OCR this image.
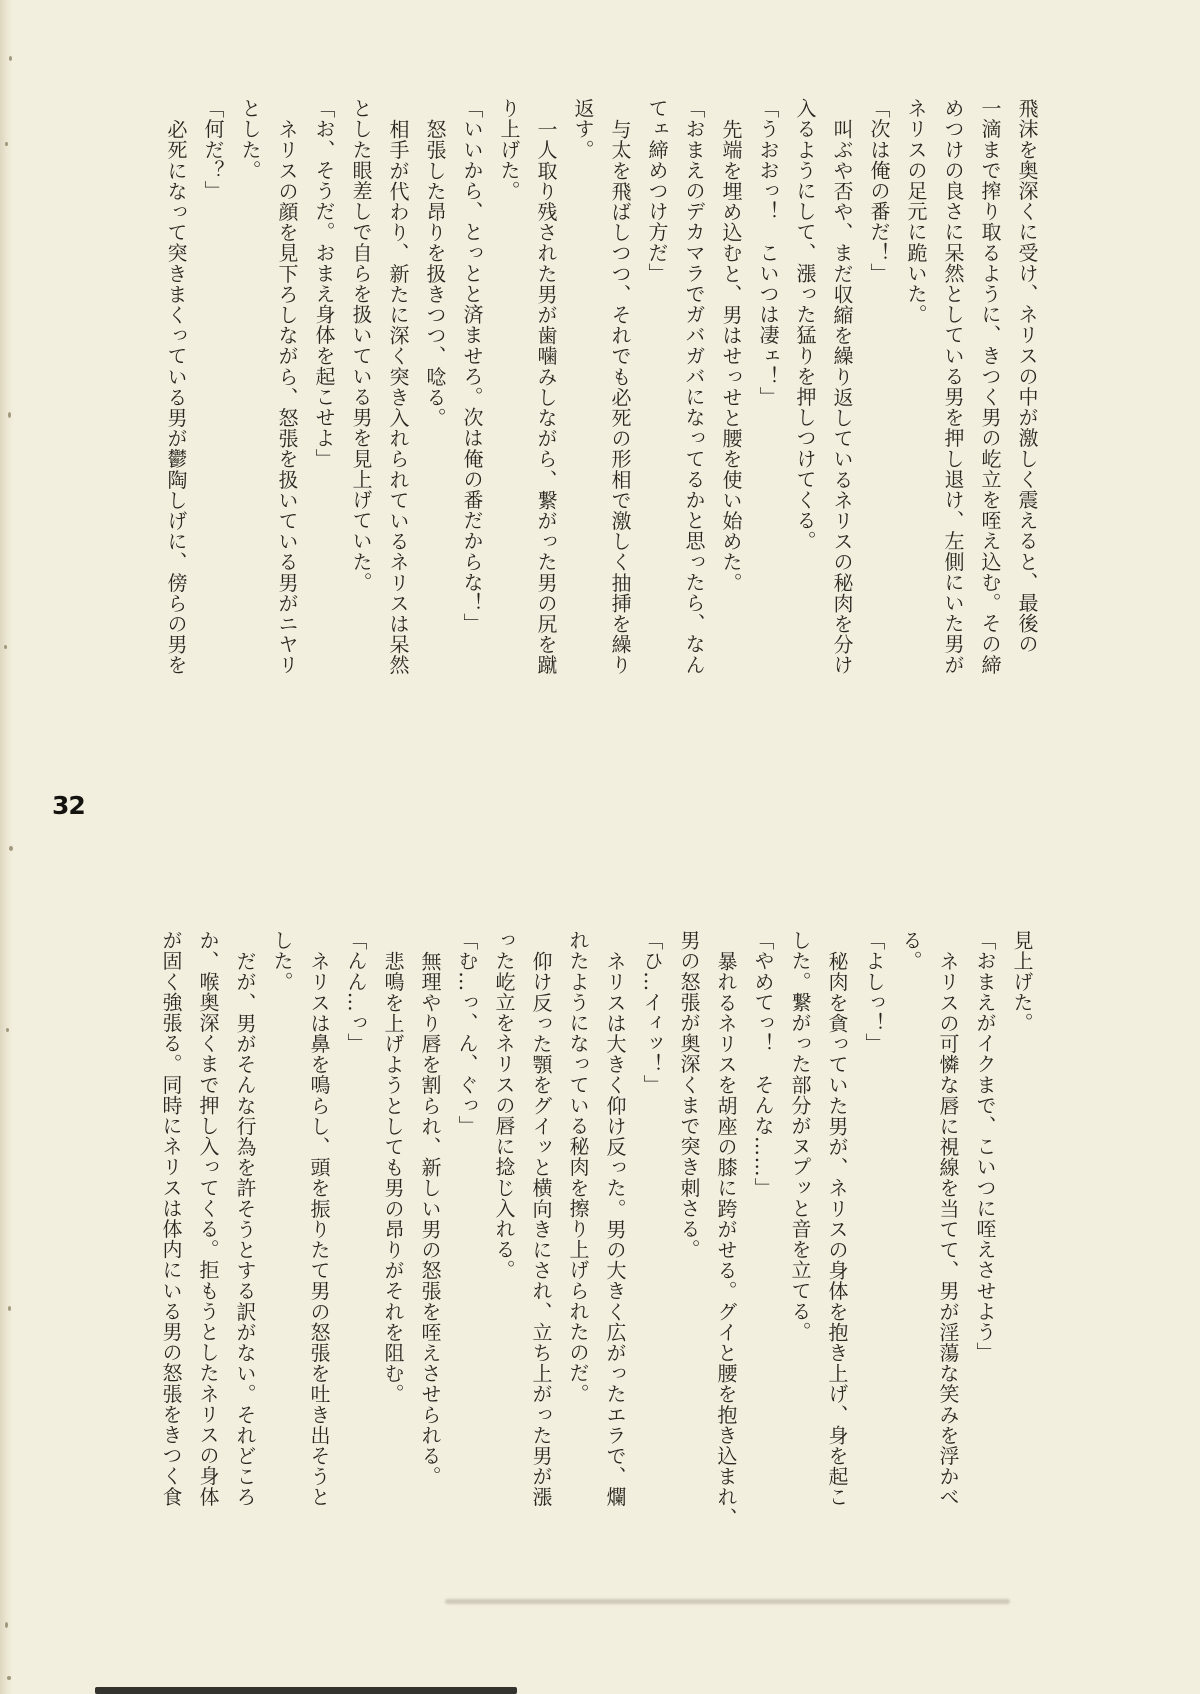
飛沫を奥深くに受け、ネリスの中が激しく震えると、最後の
一滴まで搾り取るように、きつく男の屹立を咥え込む。その締
めつけの良さに呆然としている男を押し退け、左側にいた男が
ネリスの足元に跪いた。
「次は俺の番だ！」
叫ぶや否や、まだ収縮を繰り返しているネリスの秘肉を分け
入るようにして、漲った猛りを押しつけてくる。
「うおおっ！　こいつは凄ェ！」
先端を埋め込むと、男はせっせと腰を使い始めた。
「おまえのデカマラでガバガバになってるかと思ったら、なん
てェ締めつけ方だ」
与太を飛ばしつつ、それでも必死の形相で激しく抽挿を繰り
返す。
一人取り残された男が歯噛みしながら、繋がった男の尻を蹴
り上げた。
「いいから、とっとと済ませろ。次は俺の番だからな！」
怒張した昂りを扱きつつ、唸る。
相手が代わり、新たに深く突き入れられているネリスは呆然
とした眼差しで自らを扱いている男を見上げていた。
「お、そうだ。おまえ身体を起こせよ」
ネリスの顔を見下ろしながら、怒張を扱いている男がニヤリ
とした。
「何だ？」
必死になって突きまくっている男が鬱陶しげに、傍らの男を
32
見上げた。
「おまえがイクまで、こいつに咥えさせよう」
ネリスの可憐な唇に視線を当てて、男が淫蕩な笑みを浮かべ
る。
「よしっ！」
秘肉を貪っていた男が、ネリスの身体を抱き上げ、身を起こ
した。繋がった部分がヌプッと音を立てる。
「やめてっ！　そんな……」
暴れるネリスを胡座の膝に跨がせる。グイと腰を抱き込まれ、
男の怒張が奥深くまで突き刺さる。
「ひ…イィッ！」
ネリスは大きく仰け反った。男の大きく広がったエラで、爛
れたようになっている秘肉を擦り上げられたのだ。
仰け反った顎をグイッと横向きにされ、立ち上がった男が漲
った屹立をネリスの唇に捻じ入れる。
「む…っ、ん、ぐっ」
無理やり唇を割られ、新しい男の怒張を咥えさせられる。
悲鳴を上げようとしても男の昂りがそれを阻む。
「んん…っ」
ネリスは鼻を鳴らし、頭を振りたて男の怒張を吐き出そうと
した。
だが、男がそんな行為を許そうとする訳がない。それどころ
か、喉奥深くまで押し入ってくる。拒もうとしたネリスの身体
が固く強張る。同時にネリスは体内にいる男の怒張をきつく食
